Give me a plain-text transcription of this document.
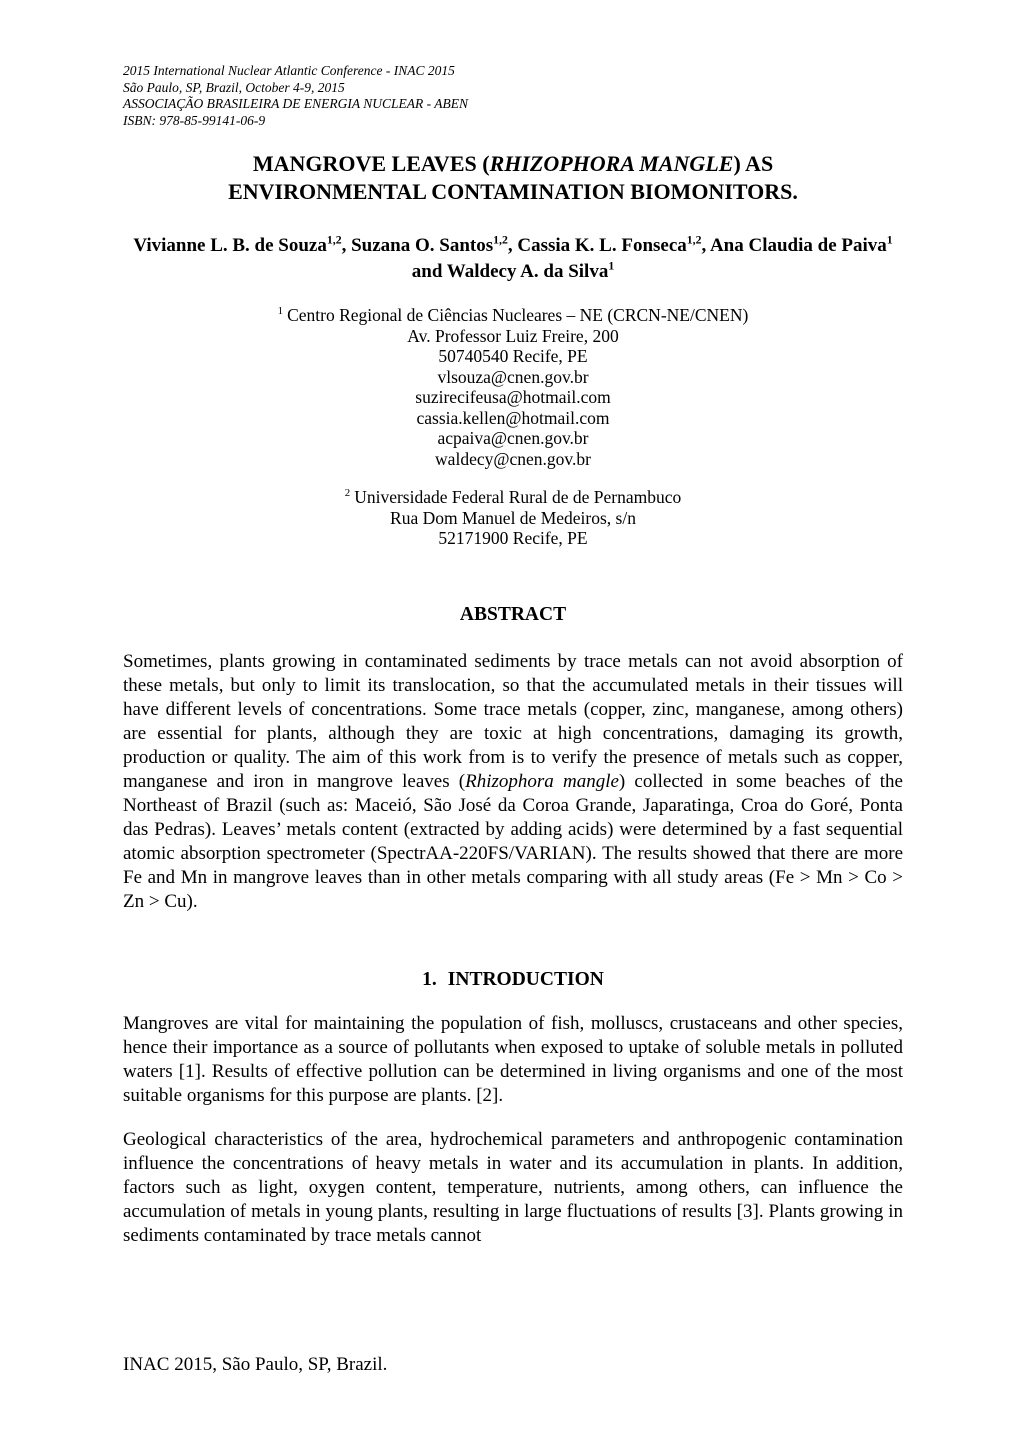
2015 International Nuclear Atlantic Conference - INAC 2015
São Paulo, SP, Brazil, October 4-9, 2015
ASSOCIAÇÃO BRASILEIRA DE ENERGIA NUCLEAR - ABEN
ISBN: 978-85-99141-06-9
MANGROVE LEAVES (RHIZOPHORA MANGLE) AS
ENVIRONMENTAL CONTAMINATION BIOMONITORS.
Vivianne L. B. de Souza$^{1,2}$, Suzana O. Santos$^{1,2}$, Cassia K. L. Fonseca$^{1,2}$, Ana Claudia de Paiva$^1$ and Waldecy A. da Silva$^1$
$^1$ Centro Regional de Ciências Nucleares – NE (CRCN-NE/CNEN)
Av. Professor Luiz Freire, 200
50740540 Recife, PE
vlsouza@cnen.gov.br
suzirecifeusa@hotmail.com
cassia.kellen@hotmail.com
acpaiva@cnen.gov.br
waldecy@cnen.gov.br
$^2$ Universidade Federal Rural de de Pernambuco
Rua Dom Manuel de Medeiros, s/n
52171900 Recife, PE
ABSTRACT

Sometimes, plants growing in contaminated sediments by trace metals can not avoid absorption of these metals, but only to limit its translocation, so that the accumulated metals in their tissues will have different levels of concentrations. Some trace metals (copper, zinc, manganese, among others) are essential for plants, although they are toxic at high concentrations, damaging its growth, production or quality. The aim of this work from is to verify the presence of metals such as copper, manganese and iron in mangrove leaves (Rhizophora mangle) collected in some beaches of the Northeast of Brazil (such as: Maceió, São José da Coroa Grande, Japaratinga, Croa do Goré, Ponta das Pedras). Leaves’ metals content (extracted by adding acids) were determined by a fast sequential atomic absorption spectrometer (SpectrAA-220FS/VARIAN). The results showed that there are more Fe and Mn in mangrove leaves than in other metals comparing with all study areas (Fe > Mn > Co > Zn > Cu).

1. INTRODUCTION

Mangroves are vital for maintaining the population of fish, molluscs, crustaceans and other species, hence their importance as a source of pollutants when exposed to uptake of soluble metals in polluted waters [1]. Results of effective pollution can be determined in living organisms and one of the most suitable organisms for this purpose are plants. [2].

Geological characteristics of the area, hydrochemical parameters and anthropogenic contamination influence the concentrations of heavy metals in water and its accumulation in plants. In addition, factors such as light, oxygen content, temperature, nutrients, among others, can influence the accumulation of metals in young plants, resulting in large fluctuations of results [3]. Plants growing in sediments contaminated by trace metals cannot

INAC 2015, São Paulo, SP, Brazil.
